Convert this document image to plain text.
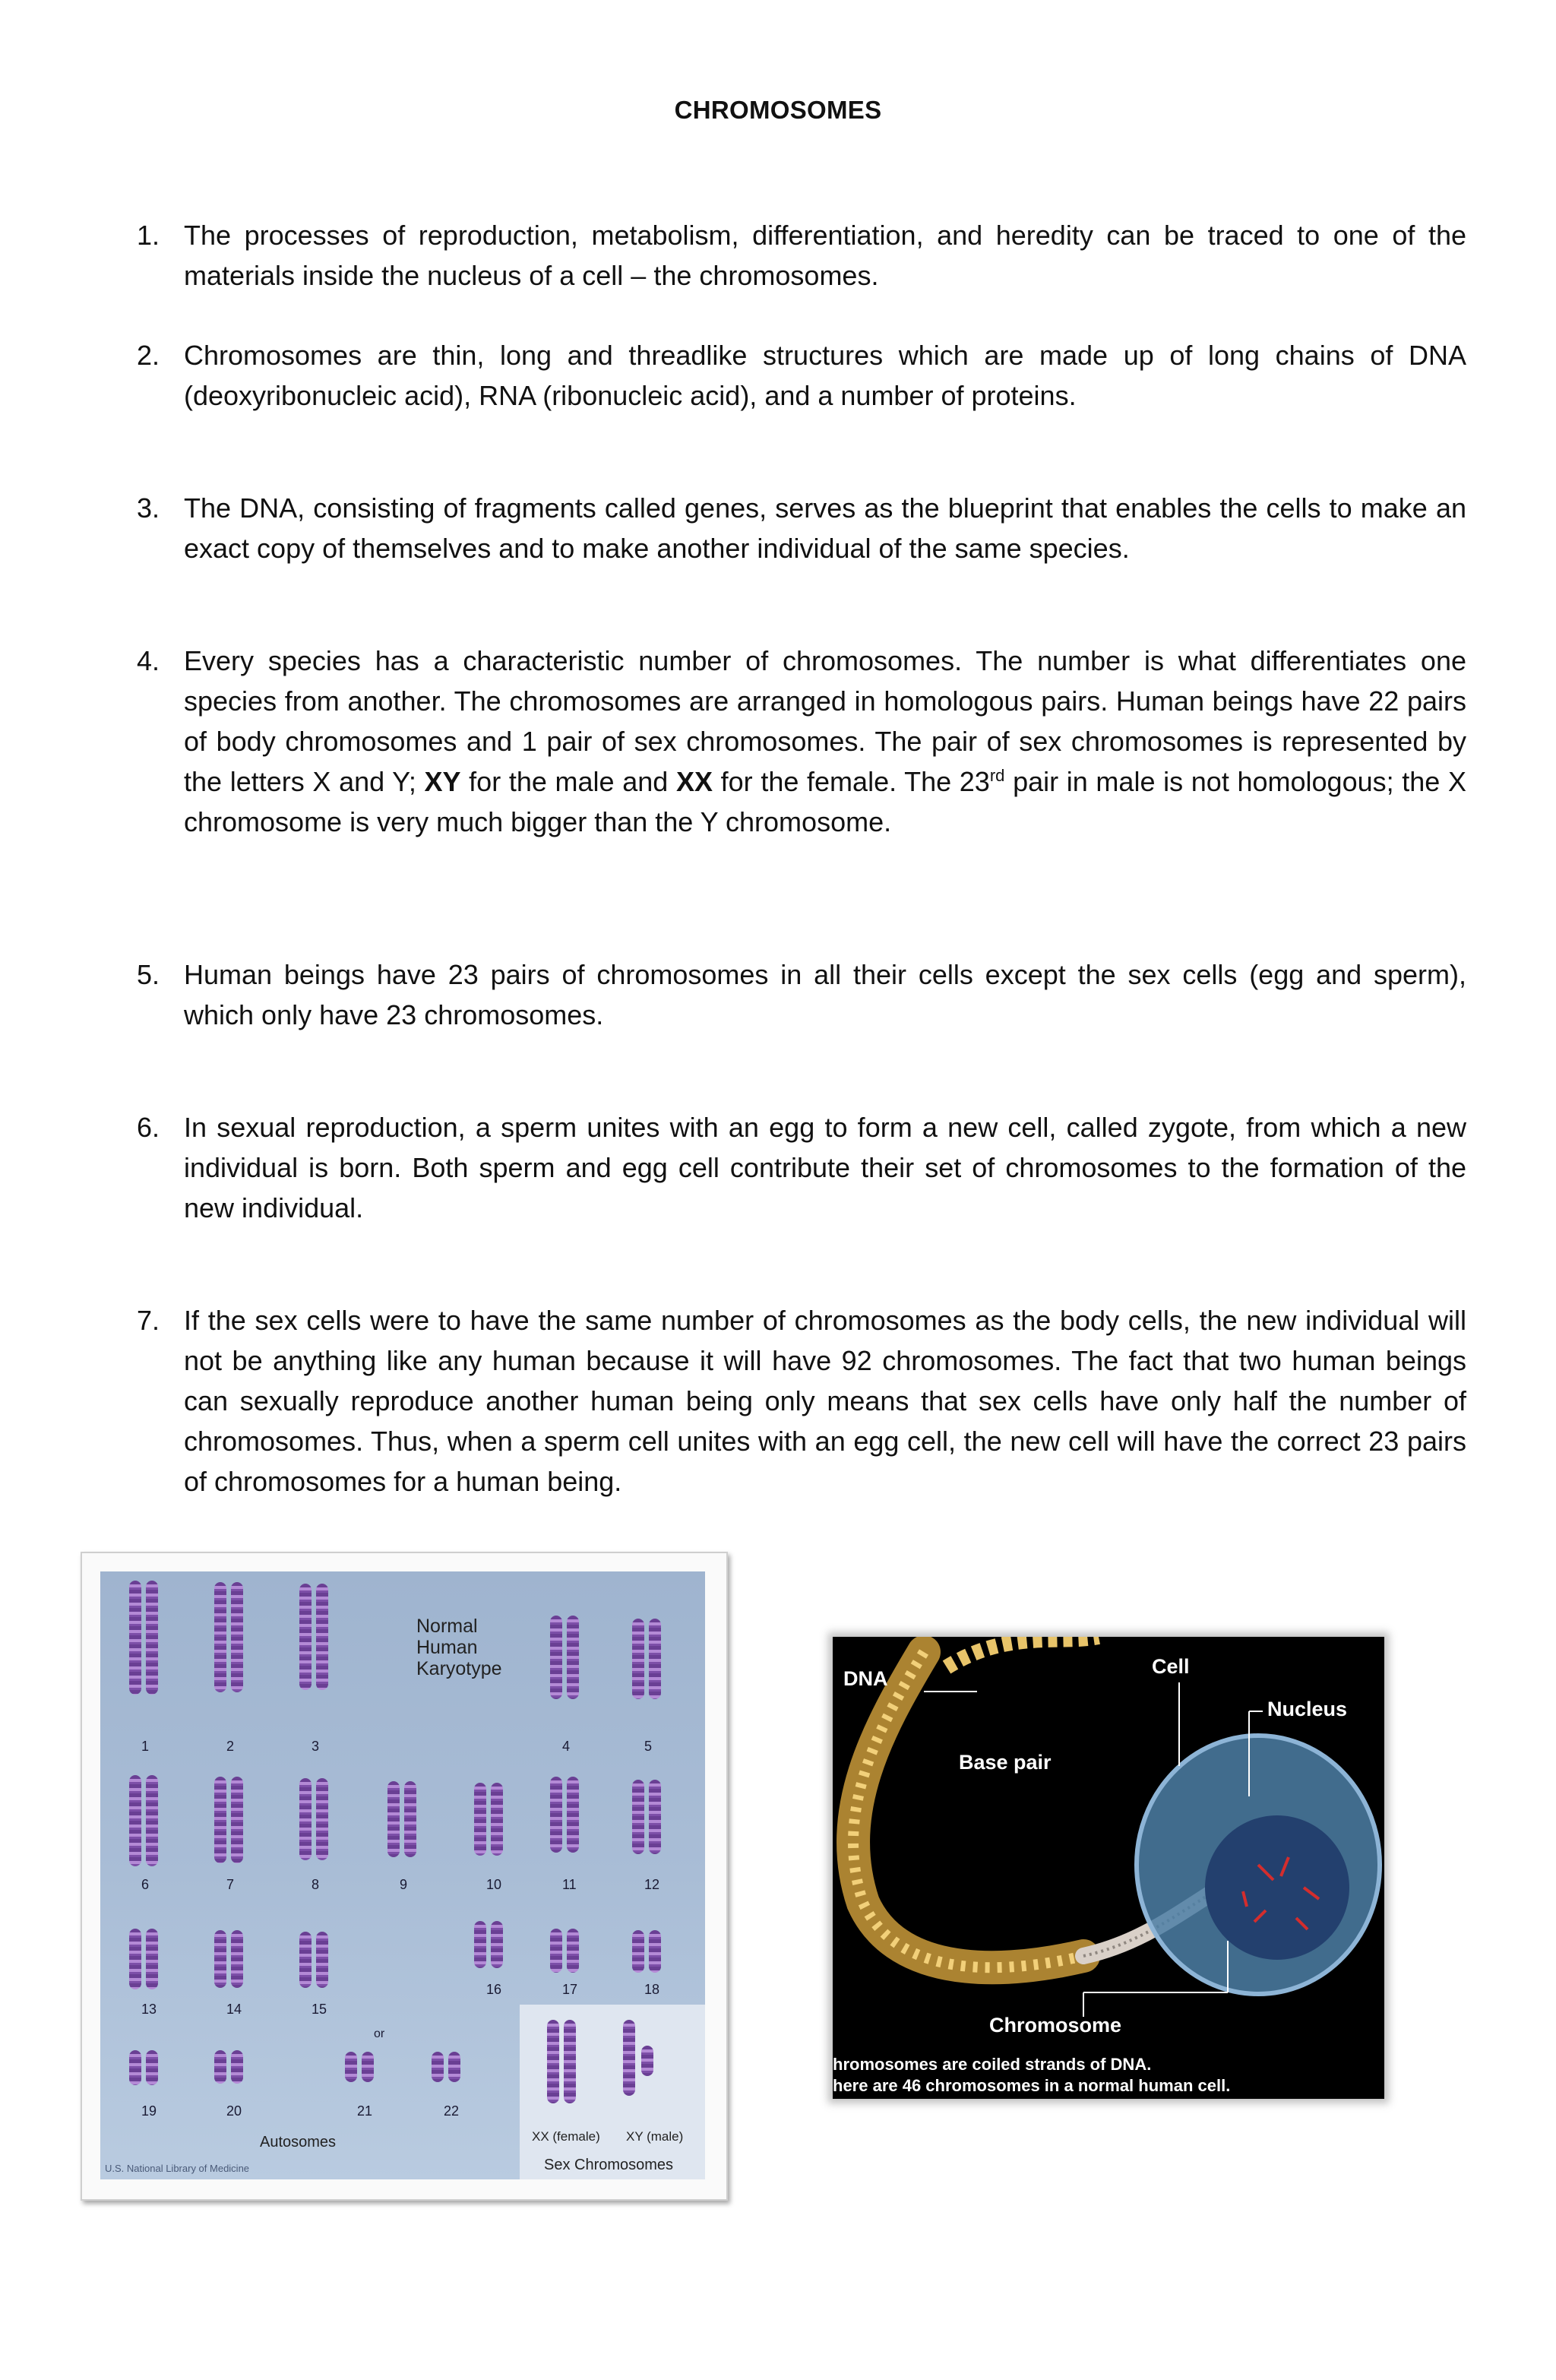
CHROMOSOMES
1. The processes of reproduction, metabolism, differentiation, and heredity can be traced to one of the materials inside the nucleus of a cell – the chromosomes.
2. Chromosomes are thin, long and threadlike structures which are made up of long chains of DNA (deoxyribonucleic acid), RNA (ribonucleic acid), and a number of proteins.
3. The DNA, consisting of fragments called genes, serves as the blueprint that enables the cells to make an exact copy of themselves and to make another individual of the same species.
4. Every species has a characteristic number of chromosomes. The number is what differentiates one species from another. The chromosomes are arranged in homologous pairs. Human beings have 22 pairs of body chromosomes and 1 pair of sex chromosomes. The pair of sex chromosomes is represented by the letters X and Y; XY for the male and XX for the female. The 23rd pair in male is not homologous; the X chromosome is very much bigger than the Y chromosome.
5. Human beings have 23 pairs of chromosomes in all their cells except the sex cells (egg and sperm), which only have 23 chromosomes.
6. In sexual reproduction, a sperm unites with an egg to form a new cell, called zygote, from which a new individual is born. Both sperm and egg cell contribute their set of chromosomes to the formation of the new individual.
7. If the sex cells were to have the same number of chromosomes as the body cells, the new individual will not be anything like any human because it will have 92 chromosomes. The fact that two human beings can sexually reproduce another human being only means that sex cells have only half the number of chromosomes. Thus, when a sperm cell unites with an egg cell, the new cell will have the correct 23 pairs of chromosomes for a human being.
Normal
Human
Karyotype
1	2	3	4	5
6	7	8	9	10	11	12
13	14	15
16	17	18
19	20	21	22
or
XX (female) XY (male)
Autosomes
Sex Chromosomes
U.S. National Library of Medicine
DNA
Cell
Nucleus
Base pair
Chromosome
hromosomes are coiled strands of DNA.
here are 46 chromosomes in a normal human cell.
